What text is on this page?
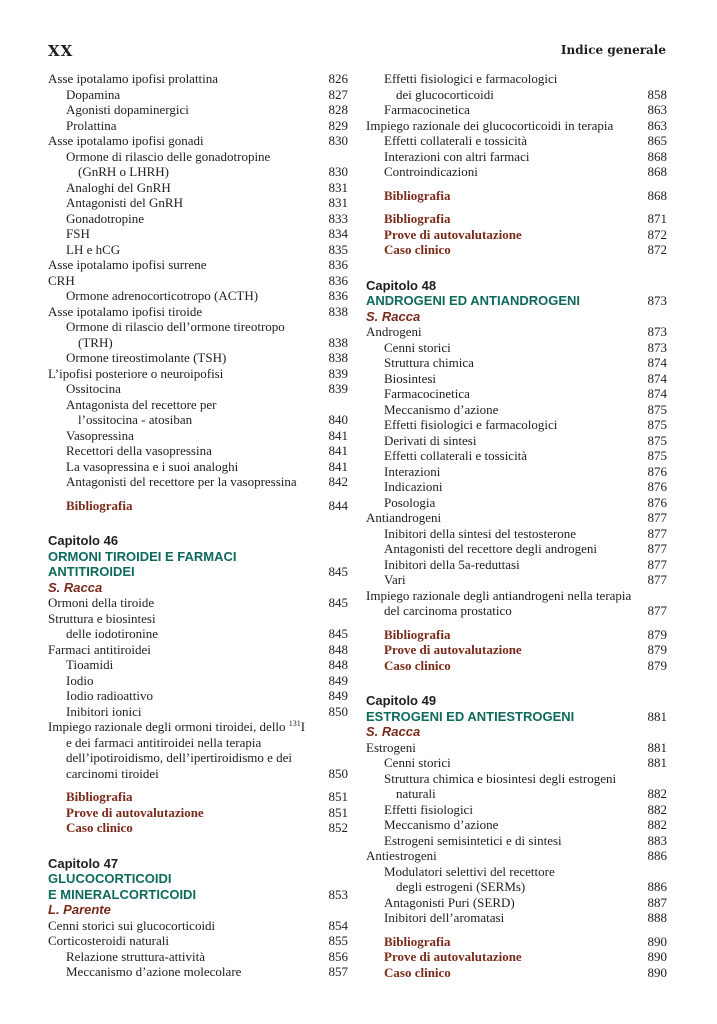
XX	Indice generale
Asse ipotalamo ipofisi prolattina	826
Dopamina	827
Agonisti dopaminergici	828
Prolattina	829
Asse ipotalamo ipofisi gonadi	830
Ormone di rilascio delle gonadotropine
(GnRH o LHRH)	830
Analoghi del GnRH	831
Antagonisti del GnRH	831
Gonadotropine	833
FSH	834
LH e hCG	835
Asse ipotalamo ipofisi surrene	836
CRH	836
Ormone adrenocorticotropo (ACTH)	836
Asse ipotalamo ipofisi tiroide	838
Ormone di rilascio dell’ormone tireotropo
(TRH)	838
Ormone tireostimolante (TSH)	838
L’ipofisi posteriore o neuroipofisi	839
Ossitocina	839
Antagonista del recettore per
l’ossitocina - atosiban	840
Vasopressina	841
Recettori della vasopressina	841
La vasopressina e i suoi analoghi	841
Antagonisti del recettore per la vasopressina 842
Bibliografia	844
Capitolo 46
ORMONI TIROIDEI E FARMACI
ANTITIROIDEI	845
S. Racca
Ormoni della tiroide	845
Struttura e biosintesi
delle iodotironine	845
Farmaci antitiroidei	848
Tioamidi	848
Iodio	849
Iodio radioattivo	849
Inibitori ionici	850
Impiego razionale degli ormoni tiroidei, dello $^{131}$I
e dei farmaci antitiroidei nella terapia
dell’ipotiroidismo, dell’ipertiroidismo e dei
carcinomi tiroidei	850
Bibliografia	851
Prove di autovalutazione	851
Caso clinico	852
Capitolo 47
GLUCOCORTICOIDI
E MINERALCORTICOIDI	853
L. Parente
Cenni storici sui glucocorticoidi	854
Corticosteroidi naturali	855
Relazione struttura-attività	856
Meccanismo d’azione molecolare	857
Effetti fisiologici e farmacologici
dei glucocorticoidi	858
Farmacocinetica	863
Impiego razionale dei glucocorticoidi in terapia	863
Effetti collaterali e tossicità	865
Interazioni con altri farmaci	868
Controindicazioni	868
Bibliografia	868
Bibliografia	871
Prove di autovalutazione	872
Caso clinico	872
Capitolo 48
ANDROGENI ED ANTIANDROGENI	873
S. Racca
Androgeni	873
Cenni storici	873
Struttura chimica	874
Biosintesi	874
Farmacocinetica	874
Meccanismo d’azione	875
Effetti fisiologici e farmacologici	875
Derivati di sintesi	875
Effetti collaterali e tossicità	875
Interazioni	876
Indicazioni	876
Posologia	876
Antiandrogeni	877
Inibitori della sintesi del testosterone	877
Antagonisti del recettore degli androgeni	877
Inibitori della 5a-reduttasi	877
Vari	877
Impiego razionale degli antiandrogeni nella terapia
del carcinoma prostatico	877
Bibliografia	879
Prove di autovalutazione	879
Caso clinico	879
Capitolo 49
ESTROGENI ED ANTIESTROGENI	881
S. Racca
Estrogeni	881
Cenni storici	881
Struttura chimica e biosintesi degli estrogeni
naturali	882
Effetti fisiologici	882
Meccanismo d’azione	882
Estrogeni semisintetici e di sintesi	883
Antiestrogeni	886
Modulatori selettivi del recettore
degli estrogeni (SERMs)	886
Antagonisti Puri (SERD)	887
Inibitori dell’aromatasi	888
Bibliografia	890
Prove di autovalutazione	890
Caso clinico	890
